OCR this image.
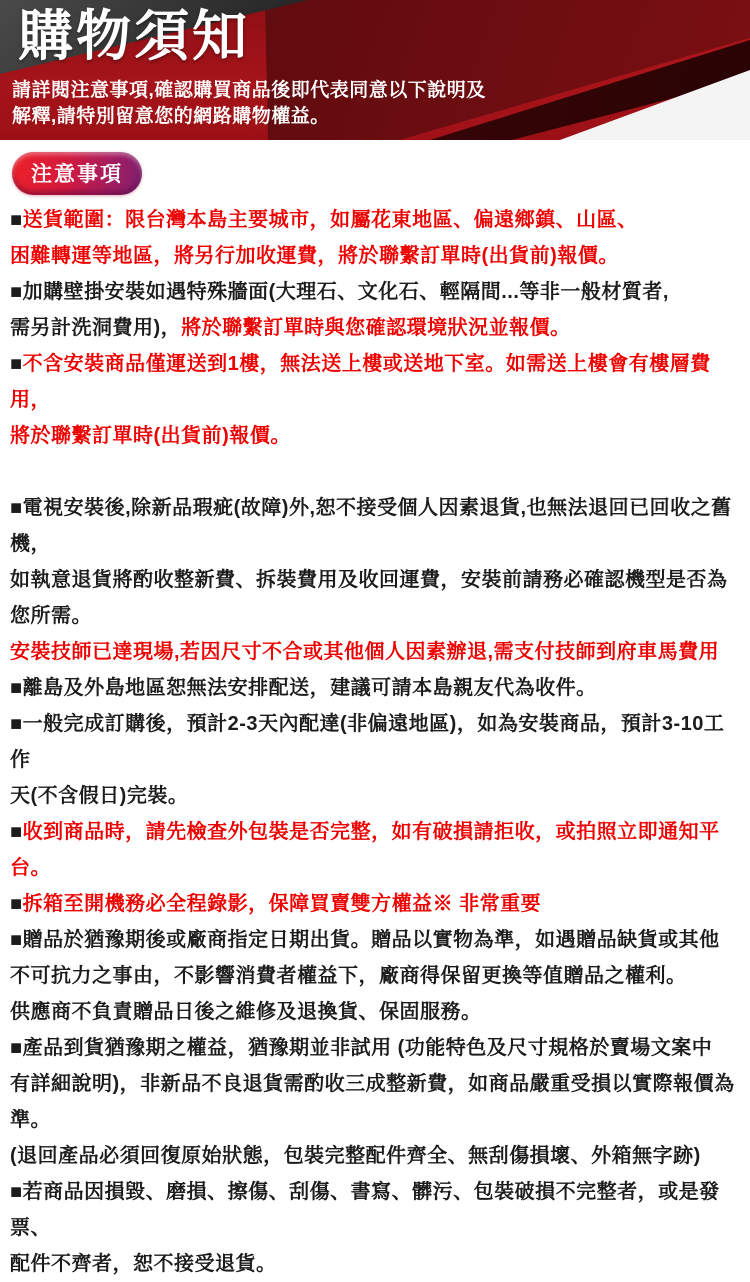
購物須知
請詳閱注意事項,確認購買商品後即代表同意以下說明及
解釋,請特別留意您的網路購物權益。
注意事項

■送貨範圍：限台灣本島主要城市，如屬花東地區、偏遠鄉鎮、山區、
困難轉運等地區，將另行加收運費，將於聯繫訂單時(出貨前)報價。

■加購壁掛安裝如遇特殊牆面(大理石、文化石、輕隔間...等非一般材質者,
需另計洗洞費用)，將於聯繫訂單時與您確認環境狀況並報價。

■不含安裝商品僅運送到1樓，無法送上樓或送地下室。如需送上樓會有樓層費用，
將於聯繫訂單時(出貨前)報價。

■電視安裝後,除新品瑕疵(故障)外,恕不接受個人因素退貨,也無法退回已回收之舊機，
如執意退貨將酌收整新費、拆裝費用及收回運費，安裝前請務必確認機型是否為您所需。

安裝技師已達現場,若因尺寸不合或其他個人因素辦退,需支付技師到府車馬費用

■離島及外島地區恕無法安排配送，建議可請本島親友代為收件。

■一般完成訂購後，預計2-3天內配達(非偏遠地區)，如為安裝商品，預計3-10工作
天(不含假日)完裝。

■收到商品時，請先檢查外包裝是否完整，如有破損請拒收，或拍照立即通知平台。

■拆箱至開機務必全程錄影，保障買賣雙方權益※ 非常重要

■贈品於猶豫期後或廠商指定日期出貨。贈品以實物為準，如遇贈品缺貨或其他
不可抗力之事由，不影響消費者權益下，廠商得保留更換等值贈品之權利。
供應商不負責贈品日後之維修及退換貨、保固服務。

■產品到貨猶豫期之權益，猶豫期並非試用 (功能特色及尺寸規格於賣場文案中
有詳細說明)，非新品不良退貨需酌收三成整新費，如商品嚴重受損以實際報價為準。
(退回產品必須回復原始狀態，包裝完整配件齊全、無刮傷損壞、外箱無字跡)

■若商品因損毀、磨損、擦傷、刮傷、書寫、髒污、包裝破損不完整者，或是發票、
配件不齊者，恕不接受退貨。
